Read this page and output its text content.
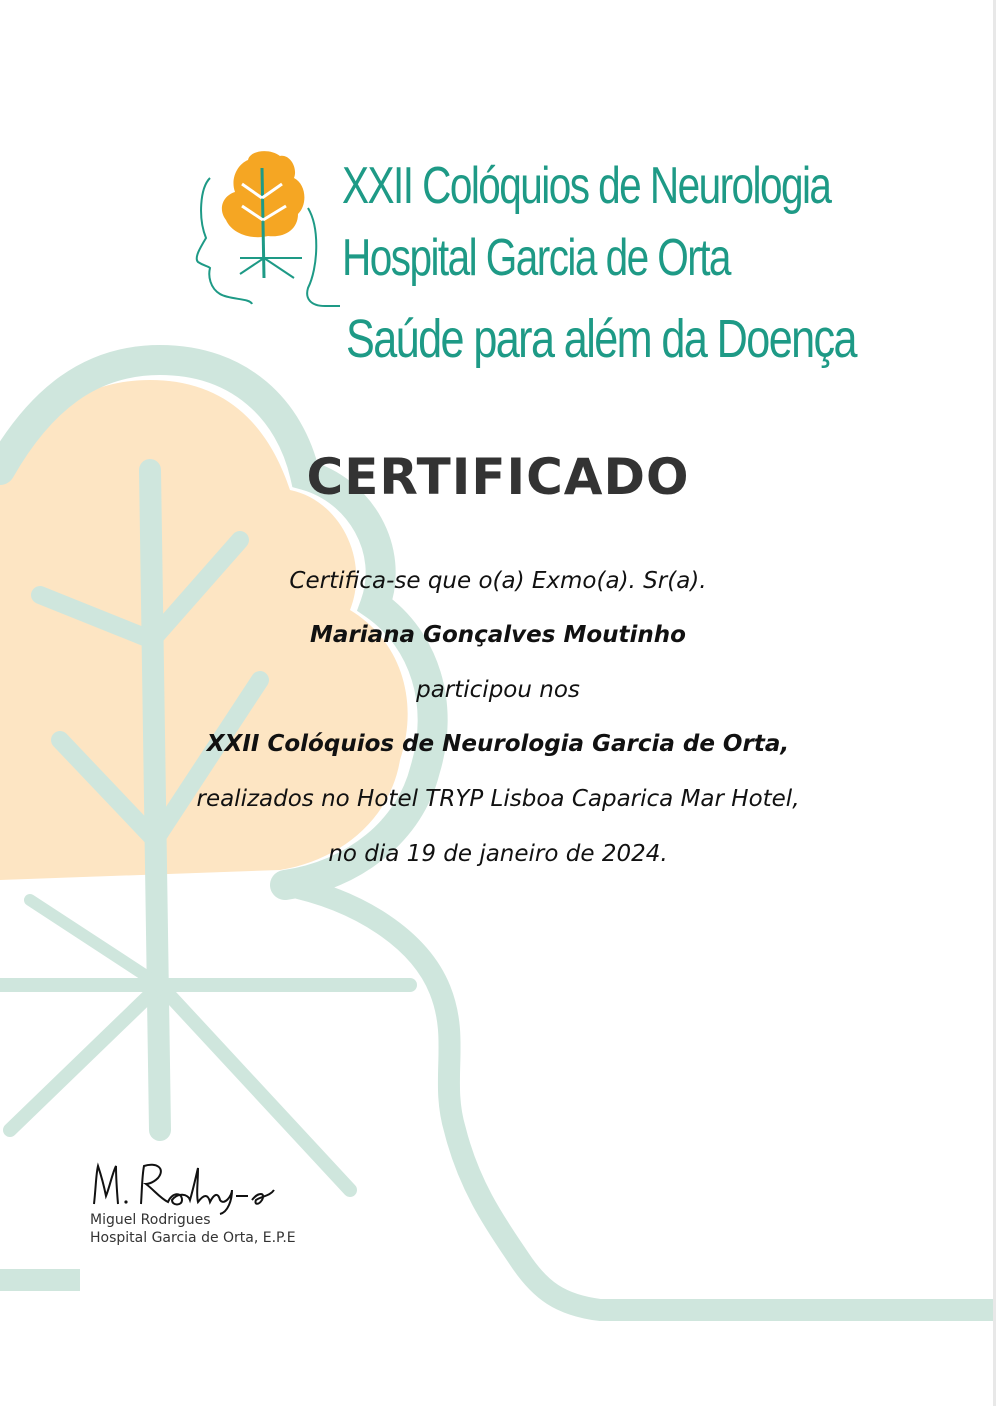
XXII Colóquios de Neurologia
Hospital Garcia de Orta
Saúde para além da Doença
CERTIFICADO
Certifica-se que o(a) Exmo(a). Sr(a).
Mariana Gonçalves Moutinho
participou nos
XXII Colóquios de Neurologia Garcia de Orta,
realizados no Hotel TRYP Lisboa Caparica Mar Hotel,
no dia 19 de janeiro de 2024.
Miguel Rodrigues
Hospital Garcia de Orta, E.P.E
